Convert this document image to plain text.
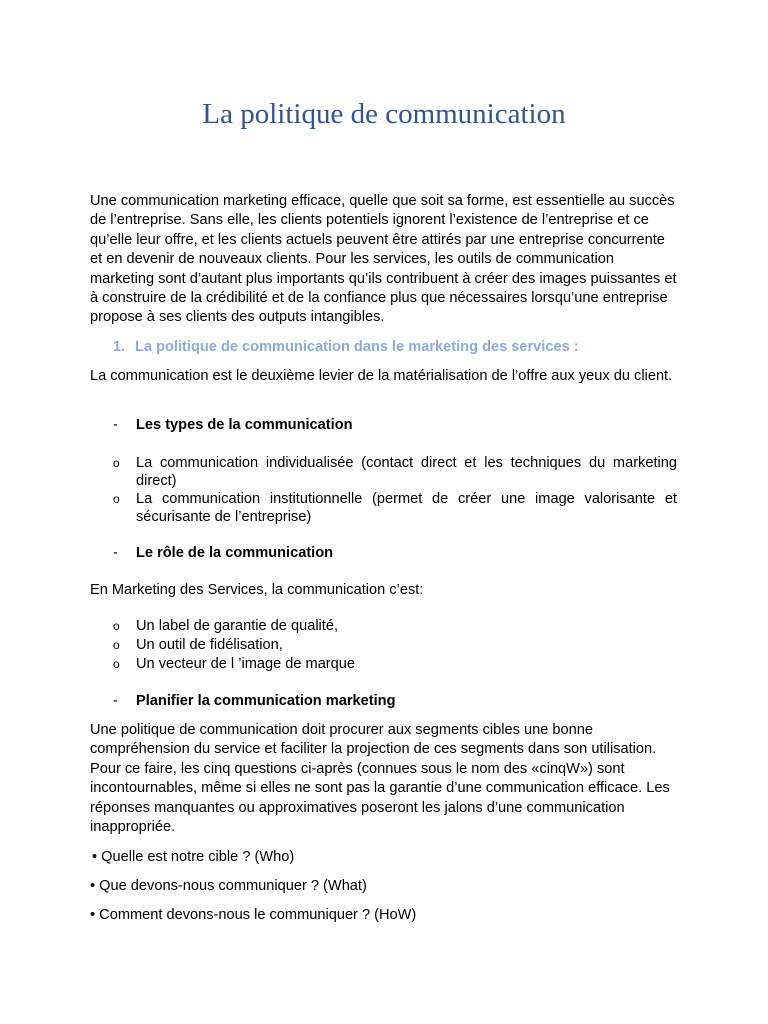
La politique de communication
Une communication marketing efficace, quelle que soit sa forme, est essentielle au succès de l’entreprise. Sans elle, les clients potentiels ignorent l’existence de l’entreprise et ce qu’elle leur offre, et les clients actuels peuvent être attirés par une entreprise concurrente et en devenir de nouveaux clients. Pour les services, les outils de communication marketing sont d’autant plus importants qu’ils contribuent à créer des images puissantes et à construire de la crédibilité et de la confiance plus que nécessaires lorsqu’une entreprise propose à ses clients des outputs intangibles.
1. La politique de communication dans le marketing des services :
La communication est le deuxième levier de la matérialisation de l’offre aux yeux du client.
- Les types de la communication
o	La communication individualisée (contact direct et les techniques du marketing direct)
o	La communication institutionnelle (permet de créer une image valorisante et sécurisante de l’entreprise)
- Le rôle de la communication
En Marketing des Services, la communication c’est:
o	Un label de garantie de qualité,
o	Un outil de fidélisation,
o	Un vecteur de l ’image de marque
- Planifier la communication marketing
Une politique de communication doit procurer aux segments cibles une bonne compréhension du service et faciliter la projection de ces segments dans son utilisation. Pour ce faire, les cinq questions ci-après (connues sous le nom des «cinqW») sont incontournables, même si elles ne sont pas la garantie d’une communication efficace. Les réponses manquantes ou approximatives poseront les jalons d’une communication inappropriée.
• Quelle est notre cible ? (Who)
• Que devons-nous communiquer ? (What)
• Comment devons-nous le communiquer ? (HoW)
